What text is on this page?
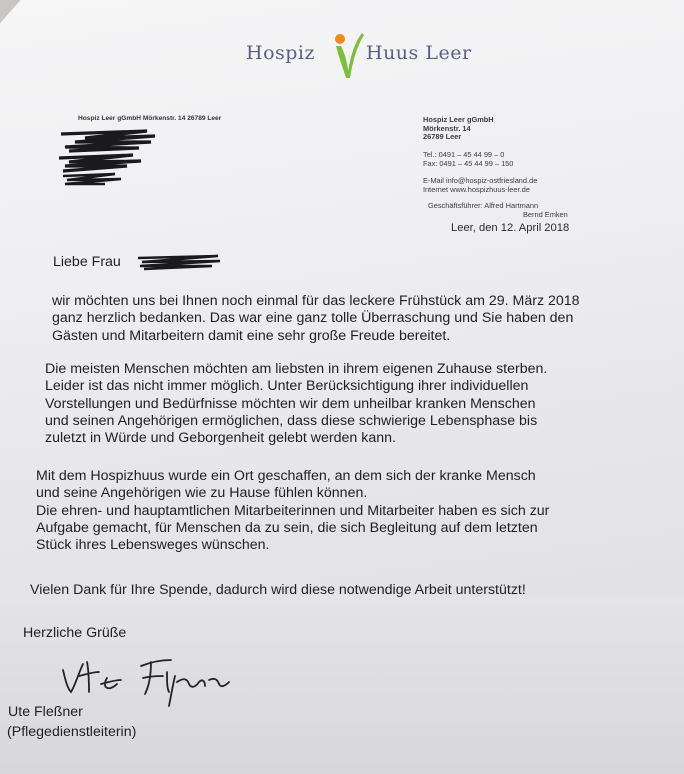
Hospiz	Huus Leer
Hospiz Leer gGmbH Mörkenstr. 14 26789 Leer	Hospiz Leer gGmbH
Mörkenstr. 14
26789 Leer
Tel.: 0491 – 45 44 99 – 0
Fax: 0491 – 45 44 99 – 150
E-Mail info@hospiz-ostfriesland.de
Internet www.hospizhuus-leer.de
Geschäftsführer: Alfred Hartmann
Bernd Emken
Leer, den 12. April 2018
Liebe Frau
wir möchten uns bei Ihnen noch einmal für das leckere Frühstück am 29. März 2018
ganz herzlich bedanken. Das war eine ganz tolle Überraschung und Sie haben den
Gästen und Mitarbeitern damit eine sehr große Freude bereitet.
Die meisten Menschen möchten am liebsten in ihrem eigenen Zuhause sterben.
Leider ist das nicht immer möglich. Unter Berücksichtigung ihrer individuellen
Vorstellungen und Bedürfnisse möchten wir dem unheilbar kranken Menschen
und seinen Angehörigen ermöglichen, dass diese schwierige Lebensphase bis
zuletzt in Würde und Geborgenheit gelebt werden kann.
Mit dem Hospizhuus wurde ein Ort geschaffen, an dem sich der kranke Mensch
und seine Angehörigen wie zu Hause fühlen können.
Die ehren- und hauptamtlichen Mitarbeiterinnen und Mitarbeiter haben es sich zur
Aufgabe gemacht, für Menschen da zu sein, die sich Begleitung auf dem letzten
Stück ihres Lebensweges wünschen.
Vielen Dank für Ihre Spende, dadurch wird diese notwendige Arbeit unterstützt!
Herzliche Grüße
Ute Fleßner
(Pflegedienstleiterin)
